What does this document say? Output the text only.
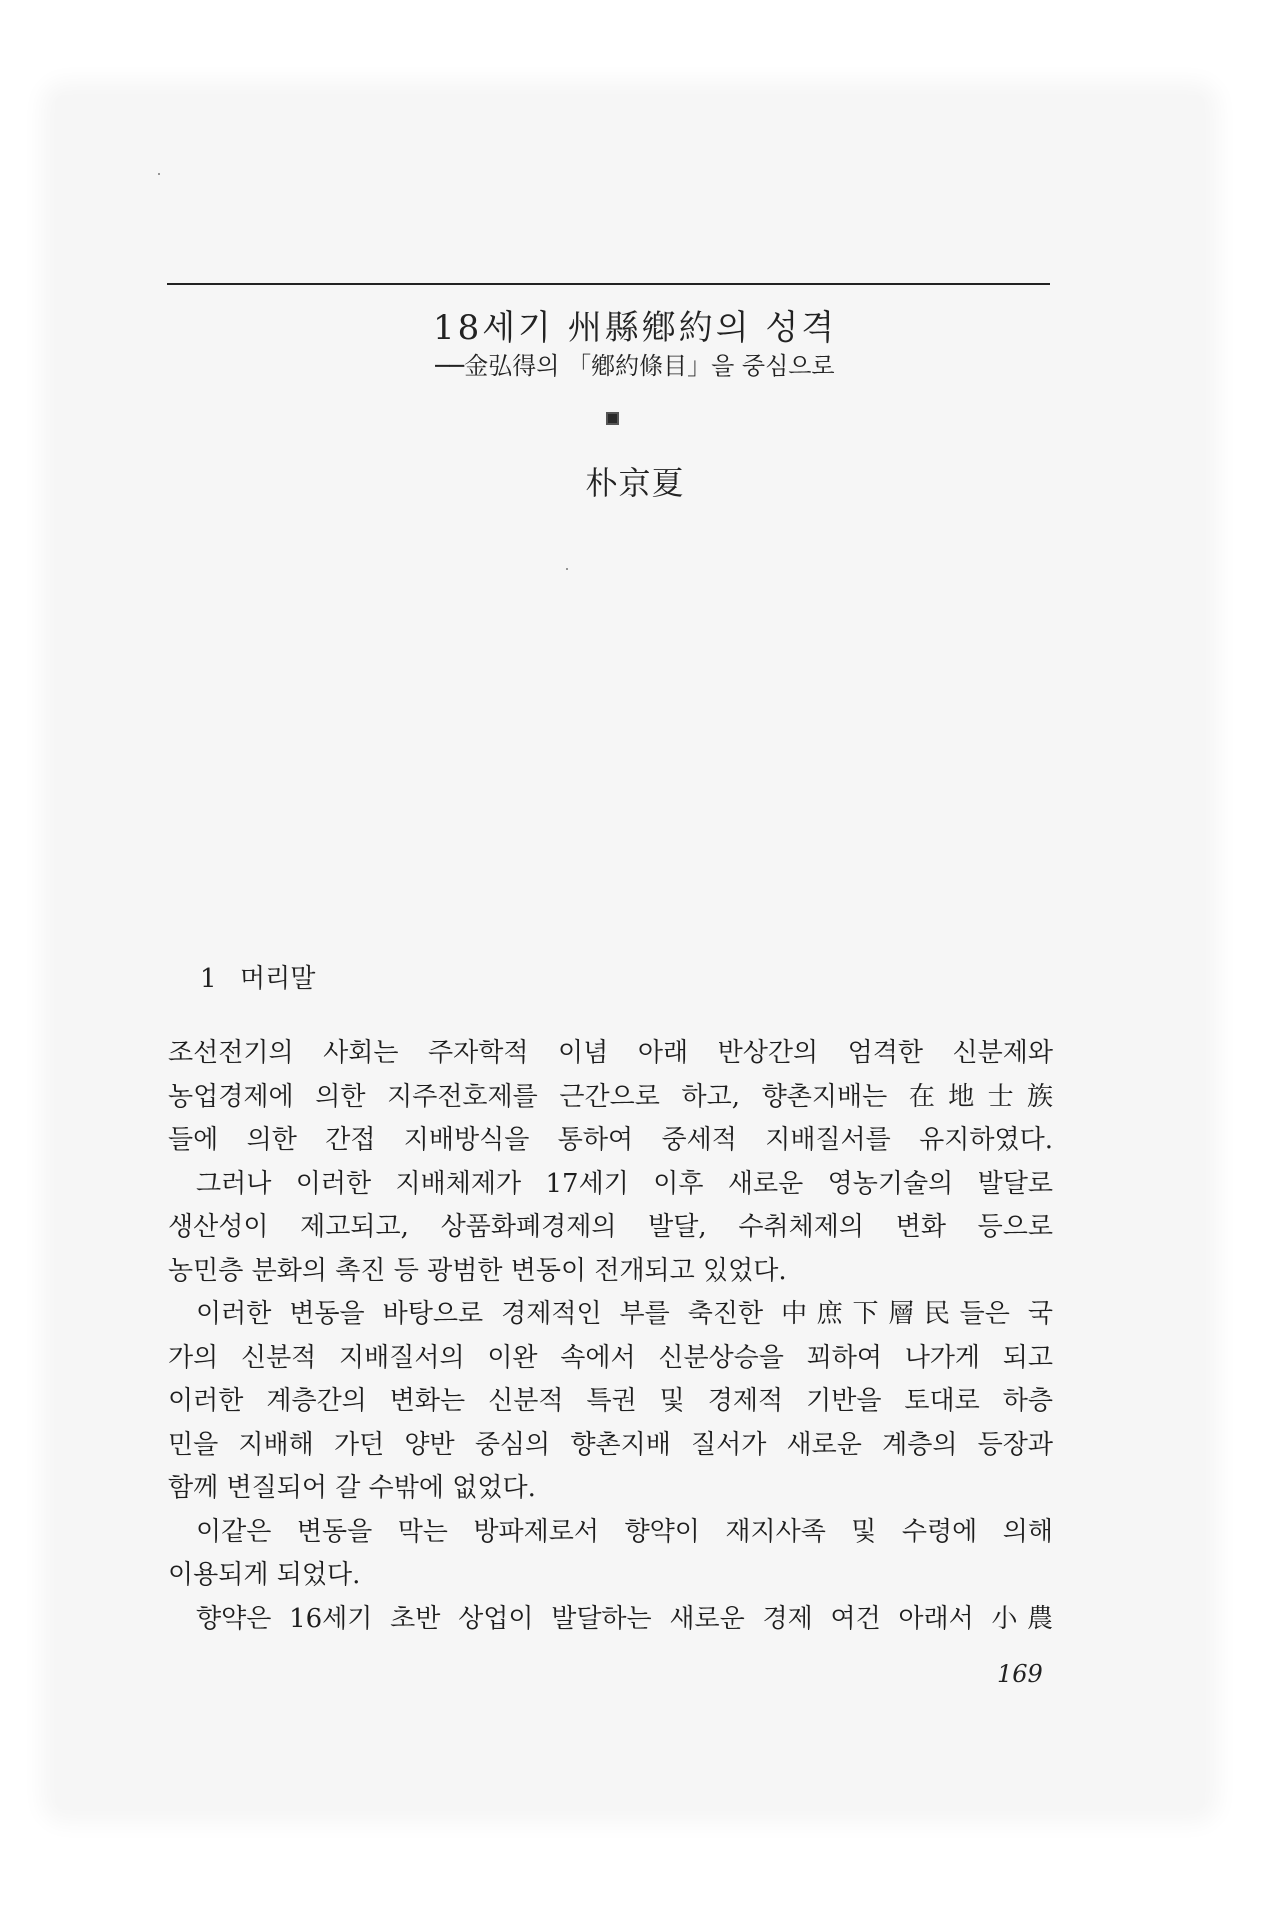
18세기 州縣鄕約의 성격
──金弘得의 「鄕約條目」을 중심으로
朴京夏
1 머리말
조선전기의 사회는 주자학적 이념 아래 반상간의 엄격한 신분제와
농업경제에 의한 지주전호제를 근간으로 하고, 향촌지배는 在地士族
들에 의한 간접 지배방식을 통하여 중세적 지배질서를 유지하였다.
그러나 이러한 지배체제가 17세기 이후 새로운 영농기술의 발달로
생산성이 제고되고, 상품화폐경제의 발달, 수취체제의 변화 등으로
농민층 분화의 촉진 등 광범한 변동이 전개되고 있었다.
이러한 변동을 바탕으로 경제적인 부를 축진한 中庶下層民들은 국
가의 신분적 지배질서의 이완 속에서 신분상승을 꾀하여 나가게 되고
이러한 계층간의 변화는 신분적 특권 및 경제적 기반을 토대로 하층
민을 지배해 가던 양반 중심의 향촌지배 질서가 새로운 계층의 등장과
함께 변질되어 갈 수밖에 없었다.
이같은 변동을 막는 방파제로서 향약이 재지사족 및 수령에 의해
이용되게 되었다.
향약은 16세기 초반 상업이 발달하는 새로운 경제 여건 아래서 小農
169
